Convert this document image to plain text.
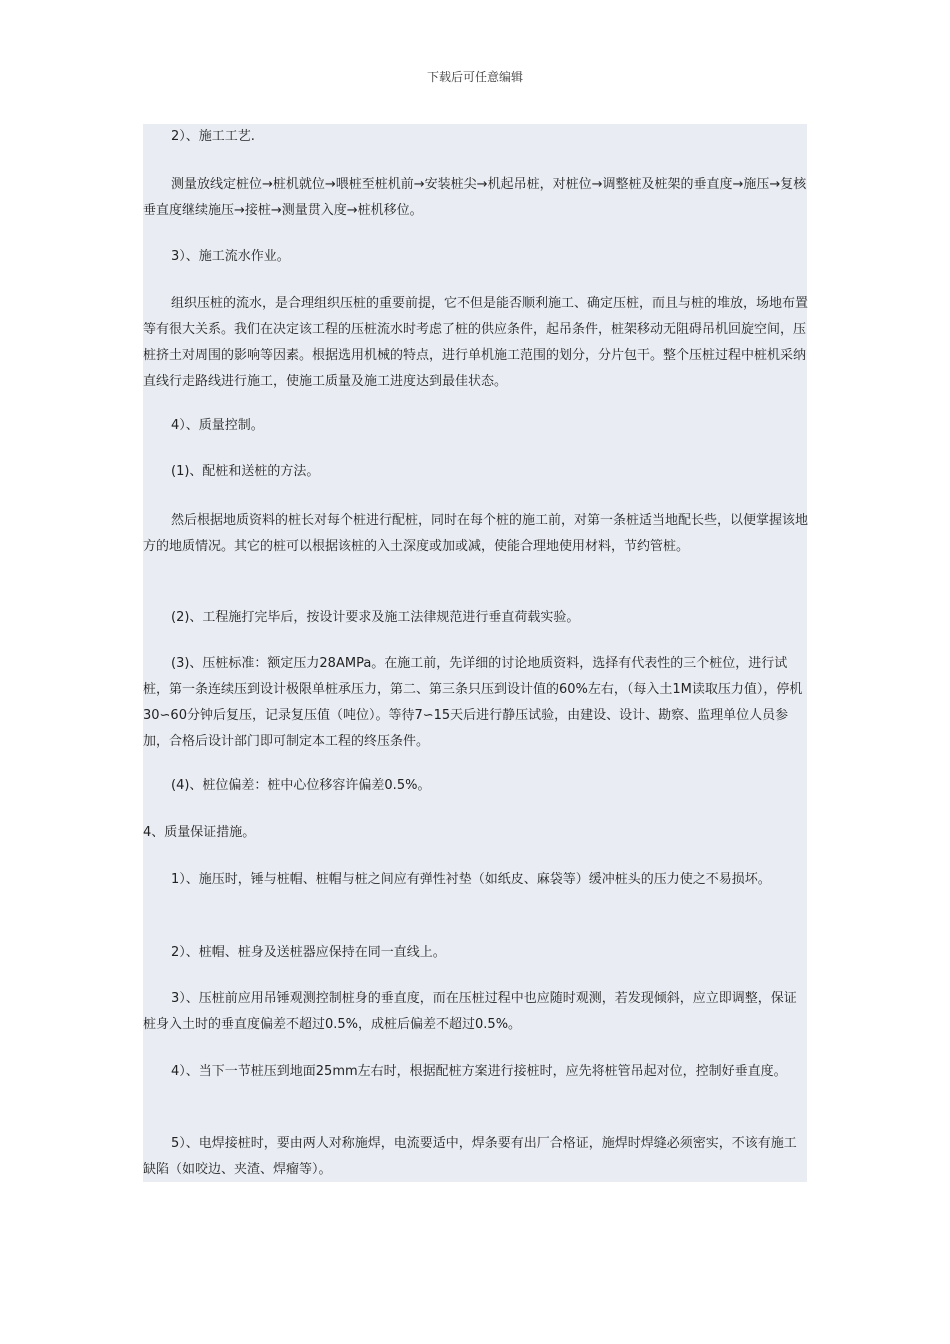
下载后可任意编辑

2）、施工工艺.

测量放线定桩位→桩机就位→喂桩至桩机前→安装桩尖→机起吊桩，对桩位→调整桩及桩架的垂直度→施压→复核垂直度继续施压→接桩→测量贯入度→桩机移位。

3）、施工流水作业。

组织压桩的流水，是合理组织压桩的重要前提，它不但是能否顺利施工、确定压桩，而且与桩的堆放，场地布置等有很大关系。我们在决定该工程的压桩流水时考虑了桩的供应条件，起吊条件，桩架移动无阻碍吊机回旋空间，压桩挤土对周围的影响等因素。根据选用机械的特点，进行单机施工范围的划分，分片包干。整个压桩过程中桩机采纳直线行走路线进行施工，使施工质量及施工进度达到最佳状态。

4）、质量控制。

(1)、配桩和送桩的方法。

然后根据地质资料的桩长对每个桩进行配桩，同时在每个桩的施工前，对第一条桩适当地配长些，以便掌握该地方的地质情况。其它的桩可以根据该桩的入土深度或加或减，使能合理地使用材料，节约管桩。

(2)、工程施打完毕后，按设计要求及施工法律规范进行垂直荷载实验。

(3)、压桩标准：额定压力28AMPa。在施工前，先详细的讨论地质资料，选择有代表性的三个桩位，进行试桩，第一条连续压到设计极限单桩承压力，第二、第三条只压到设计值的60%左右，（每入土1M读取压力值），停机30∽60分钟后复压，记录复压值（吨位）。等待7∽15天后进行静压试验，由建设、设计、勘察、监理单位人员参加，合格后设计部门即可制定本工程的终压条件。

(4)、桩位偏差：桩中心位移容许偏差0.5%。

4、质量保证措施。

1）、施压时，锤与桩帽、桩帽与桩之间应有弹性衬垫（如纸皮、麻袋等）缓冲桩头的压力使之不易损坏。

2）、桩帽、桩身及送桩器应保持在同一直线上。

3）、压桩前应用吊锤观测控制桩身的垂直度，而在压桩过程中也应随时观测，若发现倾斜，应立即调整，保证桩身入土时的垂直度偏差不超过0.5%，成桩后偏差不超过0.5%。

4）、当下一节桩压到地面25mm左右时，根据配桩方案进行接桩时，应先将桩管吊起对位，控制好垂直度。

5）、电焊接桩时，要由两人对称施焊，电流要适中，焊条要有出厂合格证，施焊时焊缝必须密实，不该有施工缺陷（如咬边、夹渣、焊瘤等）。
